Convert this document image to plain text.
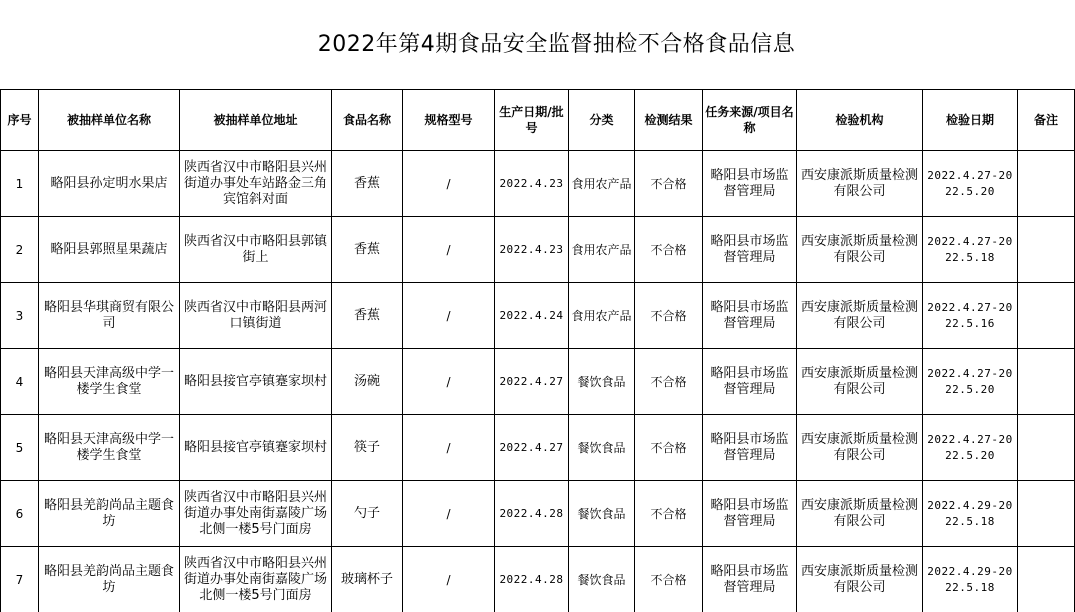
2022年第4期食品安全监督抽检不合格食品信息											
序号	被抽样单位名称	被抽样单位地址	食品名称	规格型号	生产日期/批号	分类	检测结果	任务来源/项目名称	检验机构	检验日期	备注
1	略阳县孙定明水果店	陕西省汉中市略阳县兴州街道办事处车站路金三角宾馆斜对面	香蕉	/	2022.4.23	食用农产品	不合格	略阳县市场监督管理局	西安康派斯质量检测有限公司	2022.4.27-2022.5.20	
2	略阳县郭照星果蔬店	陕西省汉中市略阳县郭镇街上	香蕉	/	2022.4.23	食用农产品	不合格	略阳县市场监督管理局	西安康派斯质量检测有限公司	2022.4.27-2022.5.18	
3	略阳县华琪商贸有限公司	陕西省汉中市略阳县两河口镇街道	香蕉	/	2022.4.24	食用农产品	不合格	略阳县市场监督管理局	西安康派斯质量检测有限公司	2022.4.27-2022.5.16	
4	略阳县天津高级中学一楼学生食堂	略阳县接官亭镇蹇家坝村	汤碗	/	2022.4.27	餐饮食品	不合格	略阳县市场监督管理局	西安康派斯质量检测有限公司	2022.4.27-2022.5.20	
5	略阳县天津高级中学一楼学生食堂	略阳县接官亭镇蹇家坝村	筷子	/	2022.4.27	餐饮食品	不合格	略阳县市场监督管理局	西安康派斯质量检测有限公司	2022.4.27-2022.5.20	
6	略阳县羌韵尚品主题食坊	陕西省汉中市略阳县兴州街道办事处南街嘉陵广场北侧一楼5号门面房	勺子	/	2022.4.28	餐饮食品	不合格	略阳县市场监督管理局	西安康派斯质量检测有限公司	2022.4.29-2022.5.18	
7	略阳县羌韵尚品主题食坊	陕西省汉中市略阳县兴州街道办事处南街嘉陵广场北侧一楼5号门面房	玻璃杯子	/	2022.4.28	餐饮食品	不合格	略阳县市场监督管理局	西安康派斯质量检测有限公司	2022.4.29-2022.5.18	
